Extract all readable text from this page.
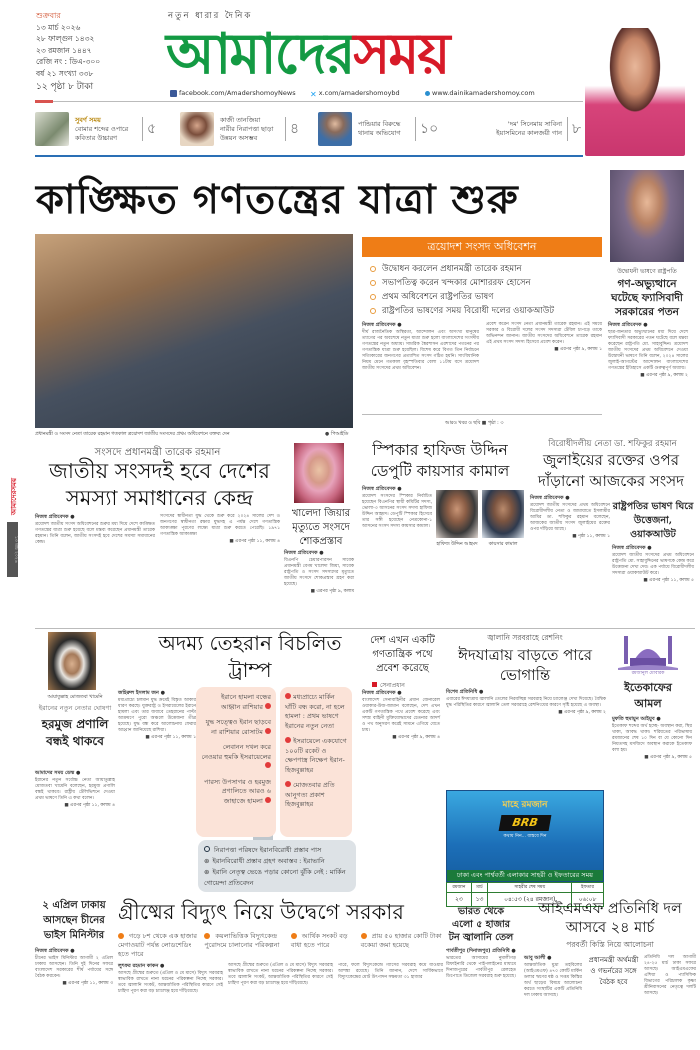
শুক্রবার
১৩ মার্চ ২০২৬
২৮ ফাল্গুন ১৪৩২
২৩ রমজান ১৪৪৭
রেজি নং : ডিএ-৩০০
বর্ষ ২১ সংখ্যা ৩৩৮
১২ পৃষ্ঠা ৮ টাকা
নতুন ধারার দৈনিক
আমাদেরসময়
facebook.com/AmadershomoyNews ✕ x.com/amadershomoybd	www.dainikamadershomoy.com
সুবর্ণ সময়
বোমার শব্দের ওপারে কবিতার উচ্চারণ
৫
কাজী তানজিয়া
নারীর নিরাপত্তা ছাড়া উন্নয়ন অসম্ভব
৪	পান্ডিয়ার বিরুদ্ধে থানায় অভিযোগ	১০	'দম' সিনেমায় সাবিনা ইয়াসমিনের কালজয়ী গান ৮
কাঙ্ক্ষিত গণতন্ত্রের যাত্রা শুরু
প্রধানমন্ত্রী ও সংসদ নেতা তারেক রহমান গতকাল ত্রয়োদশ জাতীয় সংসদের প্রথম অধিবেশনে বক্তব্য দেন	● পিআইডি
ত্রয়োদশ সংসদ অধিবেশন
উদ্বোধন করলেন প্রধানমন্ত্রী তারেক রহমান
সভাপতিত্ব করেন খন্দকার মোশাররফ হোসেন
প্রথম অধিবেশনে রাষ্ট্রপতির ভাষণ
রাষ্ট্রপতির ভাষণের সময় বিরোধী দলের ওয়াকআউট
নিজস্ব প্রতিবেদক ●
দীর্ঘ রাজনৈতিক অস্থিরতা, আন্দোলন এবং অসংখ্য মানুষের ত্যাগের পর অবশেষে নতুন যাত্রা শুরু হলো বাংলাদেশের সংসদীয় গণতন্ত্রের নতুন অধ্যায়। সামরিক স্বৈরশাসন এরশাদের পতনের পর গণতান্ত্রিক যাত্রা শুরু হয়েছিল। বিশেষ করে বিগত তিন নির্বাচনে সত্যিকারের জনগণের প্রত্যাশিত সংসদ গঠিত হয়নি। সাংবিধানিক নিয়ম মেনে গতকাল বৃহস্পতিবার বেলা ১১টায় বসে ত্রয়োদশ জাতীয় সংসদের প্রথম অধিবেশন।
প্রবেশ করেন সংসদ নেতা প্রধানমন্ত্রী তারেক রহমান। এই সময়ে সরকার ও বিরোধী দলের সংসদ সদস্যরা টেবিল চাপড়ে তাকে অভিনন্দন জানান। জাতীয় সংসদের অধিবেশনে তারেক রহমান এই প্রথম সংসদ সদস্য হিসেবে প্রবেশ করেন।
■ এরপর পৃষ্ঠা ৯, কলাম ১
আরও খবর ও ছবি ■ পৃষ্ঠা : ৩
উদ্বোধনী ভাষণে রাষ্ট্রপতি
গণ-অভ্যুত্থানে ঘটেছে ফ্যাসিবাদী সরকারের পতন
নিজস্ব প্রতিবেদক ●
ছাত্র-জনতার অভ্যুত্থানের মধ্য দিয়ে দেশে ফ্যাসিবাদী সরকারের পতন ঘটেছে বলে মন্তব্য করেছেন রাষ্ট্রপতি মো. সাহাবুদ্দিন। ত্রয়োদশ জাতীয় সংসদের প্রথম অধিবেশনে দেওয়া উদ্বোধনী ভাষণে তিনি বলেন, ২০২৪ সালের জুলাই-আগস্টের আন্দোলন বাংলাদেশের গণতন্ত্রের ইতিহাসে একটি গুরুত্বপূর্ণ অধ্যায়।
■ এরপর পৃষ্ঠা ৯, কলাম ২
আমাদেরসময়
১৩ মার্চ ২০২৬
সংসদে প্রধানমন্ত্রী তারেক রহমান
জাতীয় সংসদই হবে দেশের সমস্যা সমাধানের কেন্দ্র
নিজস্ব প্রতিবেদক ●
ত্রয়োদশ জাতীয় সংসদ অধিবেশনের শুরুর মধ্য দিয়ে দেশে কাঙ্ক্ষিত গণতন্ত্রের যাত্রা শুরু হয়েছে বলে মন্তব্য করেছেন প্রধানমন্ত্রী তারেক রহমান। তিনি বলেন, জাতীয় সংসদই হবে দেশের সমস্যা সমাধানের কেন্দ্র।
সংসদের স্বাধীনতা যুদ্ধ থেকে শুরু করে ২০২৪ সালের দেশ ও জনগণের স্বাধীনতা রক্ষার যুদ্ধসহ এ পর্যন্ত দেশে গণতান্ত্রিক আকাঙ্ক্ষা পূরণের লক্ষ্যে যাত্রা শুরু করতে পেরেছি। ১৯৭১ গণতান্ত্রিক আকাঙ্ক্ষা
■ এরপর পৃষ্ঠা ১১, কলাম ৪
খালেদা জিয়ার মৃত্যুতে সংসদে শোকপ্রস্তাব
নিজস্ব প্রতিবেদক ●
বিএনপি চেয়ারপারসন সাবেক প্রধানমন্ত্রী বেগম খালেদা জিয়া, সাবেক রাষ্ট্রপতি ও সংসদ সদস্যদের মৃত্যুতে জাতীয় সংসদে শোকপ্রস্তাব গ্রহণ করা হয়েছে।
■ এরপর পৃষ্ঠা ৯, কলাম
স্পিকার হাফিজ উদ্দিন ডেপুটি কায়সার কামাল
নিজস্ব প্রতিবেদক ●
ত্রয়োদশ সংসদের স্পিকার নির্বাচিত হয়েছেন বিএনপির স্থায়ী কমিটির সদস্য, ভোলা-৩ আসনের সংসদ সদস্য হাফিজ উদ্দিন আহমদ। ডেপুটি স্পিকার হিসেবে তার সঙ্গী হয়েছেন নেত্রকোনা-১ আসনের সংসদ সদস্য কায়সার কামাল।
হাফিজ উদ্দিন আহমদ	কায়সার কামাল
বিরোধীদলীয় নেতা ডা. শফিকুর রহমান
জুলাইয়ের রক্তের ওপর দাঁড়ানো আজকের সংসদ
নিজস্ব প্রতিবেদক ●
ত্রয়োদশ জাতীয় সংসদের প্রথম অধিবেশনে বিরোধীদলীয় নেতা ও জামায়াতে ইসলামীর আমির ডা. শফিকুর রহমান বলেছেন, আজকের জাতীয় সংসদ জুলাইয়ের রক্তের ওপর দাঁড়িয়ে আছে।
■ পৃষ্ঠা ১১, কলাম ১
রাষ্ট্রপতির ভাষণ ঘিরে উত্তেজনা, ওয়াকআউট
নিজস্ব প্রতিবেদক ●
ত্রয়োদশ জাতীয় সংসদের প্রথম অধিবেশনে রাষ্ট্রপতি মো. সাহাবুদ্দিনের ভাষণকে কেন্দ্র করে উত্তেজনা দেখা দেয়। এক পর্যায়ে বিরোধীদলীয় সদস্যরা ওয়াকআউট করে।
■ এরপর পৃষ্ঠা ১১, কলাম ৫
আয়াতুল্লাহ মোজতবা খামেনি
ইরানের নতুন নেতার ঘোষণা
হরমুজ প্রণালি বন্ধই থাকবে
আমাদের সময় ডেস্ক ●
ইরানের নতুন সর্বোচ্চ নেতা আয়াতুল্লাহ মোজতবা খামেনি বলেছেন, হরমুজ প্রণালি বন্ধই থাকবে। রাষ্ট্রীয় টেলিভিশনে দেওয়া প্রথম ভাষণে তিনি এ কথা বলেন।
■ এরপর পৃষ্ঠা ১১, কলাম ৪
অদম্য তেহরান বিচলিত ট্রাম্প
জহিরুল ইসলাম জন ●
মধ্যপ্রাচ্যে চলমান যুদ্ধ ক্রমেই বিস্তৃত আকার ধারণ করছে। যুক্তরাষ্ট্র ও ইসরায়েলের ইরানে হামলা এবং তার জবাবে তেহরানের পাল্টা আক্রমণে পুরো অঞ্চলে উত্তেজনা তীব্র হয়েছে। যুদ্ধ বন্ধ করে আলোচনায় ফেরার আহ্বান জানিয়েছে রাশিয়া।
■ এরপর পৃষ্ঠা ১১, কলাম ১
ইরানে হামলা বন্ধের আহ্বান রাশিয়ার
যুদ্ধ সত্ত্বেও ইরান ছাড়বে না রাশিয়ার রোসাটম
লেবানন দখল করে নেওয়ার হুমকি ইসরায়েলের
পারস্য উপসাগর ও হরমুজ প্রণালিতে আরও ৬ জাহাজে হামলা
মধ্যপ্রাচ্যে মার্কিন ঘাঁটি বন্ধ করো, না হলে হামলা : প্রথম ভাষণে ইরানের নতুন নেতা
ইসরায়েলে একযোগে ১০০টি রকেট ও ক্ষেপণাস্ত্র নিক্ষেপ ইরান-হিজবুল্লাহর
মোজতবার প্রতি আনুগত্য প্রকাশ হিজবুল্লাহর
নিরাপত্তা পরিষদে ইরানবিরোধী প্রস্তাব পাস
⊛ ইরানবিরোধী প্রস্তাব গ্রহণ অবাস্তব : ইরাভানি
⊛ ইরানি নেতৃত্ব ভেঙে পড়ার কোনো ঝুঁকি নেই : মার্কিন গোয়েন্দা প্রতিবেদন
দেশ এখন একটি গণতান্ত্রিক পথে প্রবেশ করেছে
সেনাপ্রধান
নিজস্ব প্রতিবেদক ●
বাংলাদেশ সেনাবাহিনীর প্রধান জেনারেল ওয়াকার-উজ-জামান বলেছেন, দেশ এখন একটি গণতান্ত্রিক পথে প্রবেশ করেছে এবং সশস্ত্র বাহিনী মুক্তিযোদ্ধাদের চেতনার আদর্শ ও পথ অনুসরণ করেই সামনে এগিয়ে যেতে চায়।
■ এরপর পৃষ্ঠা ৯, কলাম ৪
জ্বালানি সরবরাহে রেশনিং
ঈদযাত্রায় বাড়তে পারে ভোগান্তি
বিশেষ প্রতিনিধি ●
এবারের ঈদযাত্রায় জ্বালানি তেলের নিরবচ্ছিন্ন সরবরাহ নিয়ে চ্যালেঞ্জ দেখা দিয়েছে। বৈশ্বিক যুদ্ধ পরিস্থিতির কারণে জ্বালানি তেল সরবরাহে রেশনিংয়ের কারণে সৃষ্টি হয়েছে এ অবস্থা।
■ এরপর পৃষ্ঠা ৯, কলাম ২
রমজানুল মোবারক
ইতেকাফের আমল
মুফতি হুমায়ুন আইয়ুব ●
ইতেকাফ শব্দের অর্থ হচ্ছে- অবস্থান করা, স্থির থাকা, আবদ্ধ থাকা। শরিয়তের পরিভাষায় রমজানের শেষ ১০ দিন বা যে কোনো দিন নিয়তসহ মসজিদে অবস্থান করাকে ইতেকাফ বলা হয়।
■ এরপর পৃষ্ঠা ৯, কলাম ৫
মাহে রমজান
BRB
কথায় নিন... বাস্তবে দিন
ঢাকা এবং পার্শ্ববর্তী এলাকার সাহরী ও ইফতারের সময়
রমজান	মার্চ	সাহরীর শেষ সময়	ইফতার
২৩	১৩	০৪:৫৩ (২৪ রমজান)	০৬:০৮
২ এপ্রিল ঢাকায় আসছেন চীনের ভাইস মিনিস্টার
নিজস্ব প্রতিবেদক ●
চীনের ভাইস মিনিস্টার আগামী ২ এপ্রিল ঢাকায় আসছেন। তিনি দুই দিনের সফরে বাংলাদেশ সরকারের শীর্ষ পর্যায়ের সঙ্গে বৈঠক করবেন।
■ এরপর পৃষ্ঠা ১১, কলাম ৩
গ্রীষ্মের বিদ্যুৎ নিয়ে উদ্বেগে সরকার
গড়ে ৮শ থেকে এক হাজার মেগাওয়াট পর্যন্ত লোডশেডিং হতে পারে
কয়লাভিত্তিক বিদ্যুৎকেন্দ্র পুরোদমে চালানোর পরিকল্পনা
আর্থিক সংকট বড় বাধা হতে পারে
প্রায় ৫০ হাজার কোটি টাকা বকেয়া জমা হয়েছে
লুৎফর রহমান কাকন ●
আসছে গ্রীষ্মের শুরুতে (এপ্রিল ও মে মাসে) বিদ্যুৎ সরবরাহ স্বাভাবিক রাখতে নানা ধরনের পরিকল্পনা নিচ্ছে সরকার। তবে জ্বালানি সংকট, আন্তর্জাতিক পরিস্থিতির কারণে সেই চাহিদা পূরণ করা বড় চ্যালেঞ্জ হয়ে দাঁড়িয়েছে।
আসছে গ্রীষ্মের শুরুতে (এপ্রিল ও মে মাসে) বিদ্যুৎ সরবরাহ স্বাভাবিক রাখতে নানা ধরনের পরিকল্পনা নিচ্ছে সরকার। তবে জ্বালানি সংকট, আন্তর্জাতিক পরিস্থিতির কারণে সেই চাহিদা পূরণ করা বড় চ্যালেঞ্জ হয়ে দাঁড়িয়েছে।
পারে, ফলে বিদ্যুৎকেন্দ্রে গ্যাসের সরবরাহ কমে যাওয়ার আশঙ্কা রয়েছে। তিনি জানান, দেশে সার্বিকভাবে বিদ্যুৎকেন্দ্রের মোট উৎপাদন সক্ষমতা ৩১ হাজার
ভারত থেকে এলো ৫ হাজার টন জ্বালানি তেল
পার্বতীপুর (দিনাজপুর) প্রতিনিধি ●
ভারতের আসামের নুমালীগড় রিফাইনারি থেকে পাইপলাইনের মাধ্যমে দিনাজপুরের পার্বতীপুর রেলহেড ডিপোতে ডিজেল সরবরাহ শুরু হয়েছে।
আইএমএফ প্রতিনিধি দল আসবে ২৪ মার্চ
পরবর্তী কিস্তি নিয়ে আলোচনা
আবু আলী ●
আন্তর্জাতিক মুদ্রা তহবিলের (আইএমএফ) ৪৭০ কোটি মার্কিন ডলার ঋণের ষষ্ঠ ও সপ্তম কিস্তির অর্থ ছাড়ের বিষয়ে আলোচনা করতে সংস্থাটির একটি প্রতিনিধি দল ঢাকায় আসছে।
প্রধানমন্ত্রী অর্থমন্ত্রী ও গভর্নরের সঙ্গে বৈঠক হবে
প্রতিনিধি দল আগামী ২৪-২৫ মার্চ ঢাকা সফরে আসছে। আইএমএফের এশিয়া ও প্যাসিফিক বিভাগের পরিচালক কৃষ্ণা শ্রীনিবাসনের নেতৃত্বে দলটি আসছে।
